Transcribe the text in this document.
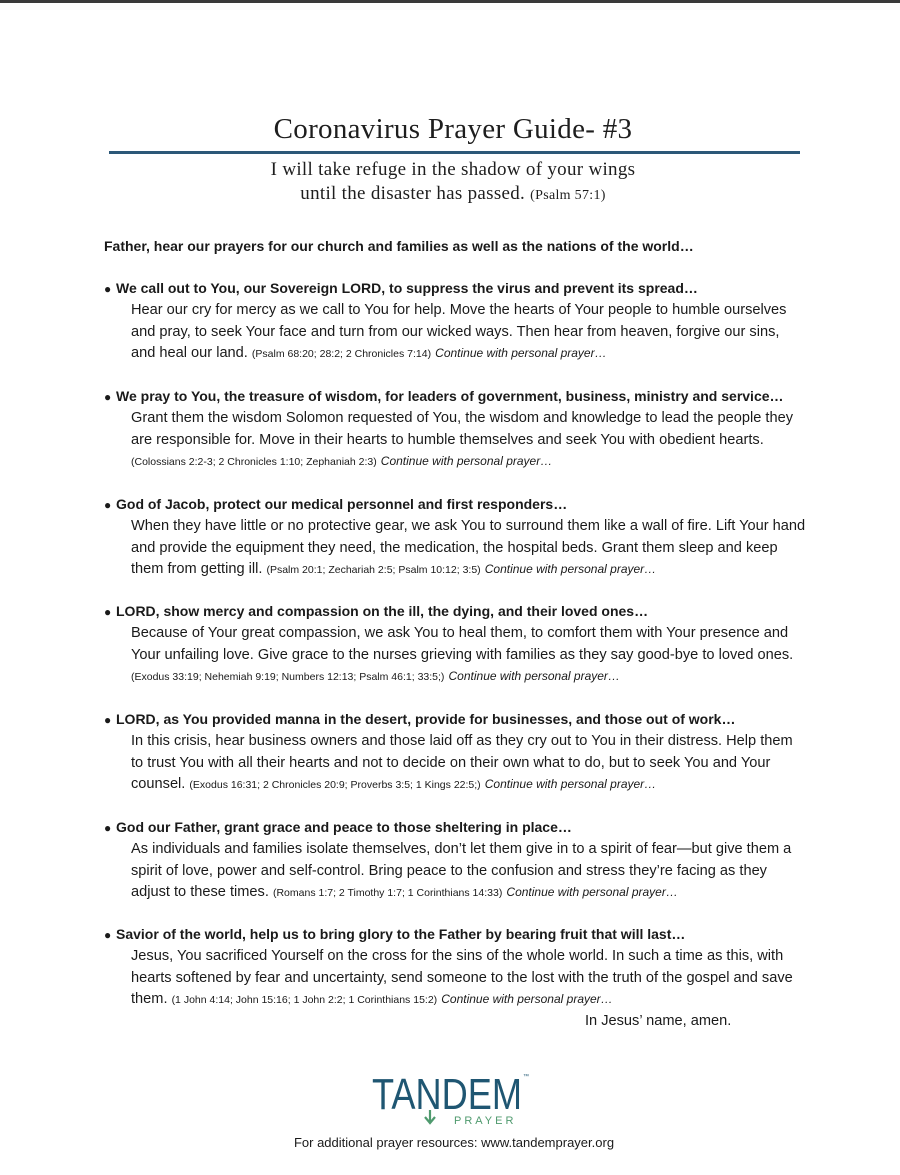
Coronavirus Prayer Guide- #3
I will take refuge in the shadow of your wings
until the disaster has passed. (Psalm 57:1)
Father, hear our prayers for our church and families as well as the nations of the world…
● We call out to You, our Sovereign LORD, to suppress the virus and prevent its spread…
Hear our cry for mercy as we call to You for help. Move the hearts of Your people to humble ourselves and pray, to seek Your face and turn from our wicked ways. Then hear from heaven, forgive our sins, and heal our land. (Psalm 68:20; 28:2; 2 Chronicles 7:14) Continue with personal prayer…
● We pray to You, the treasure of wisdom, for leaders of government, business, ministry and service…
Grant them the wisdom Solomon requested of You, the wisdom and knowledge to lead the people they are responsible for. Move in their hearts to humble themselves and seek You with obedient hearts. (Colossians 2:2-3; 2 Chronicles 1:10; Zephaniah 2:3) Continue with personal prayer…
● God of Jacob, protect our medical personnel and first responders…
When they have little or no protective gear, we ask You to surround them like a wall of fire. Lift Your hand and provide the equipment they need, the medication, the hospital beds. Grant them sleep and keep them from getting ill. (Psalm 20:1; Zechariah 2:5; Psalm 10:12; 3:5) Continue with personal prayer…
● LORD, show mercy and compassion on the ill, the dying, and their loved ones…
Because of Your great compassion, we ask You to heal them, to comfort them with Your presence and Your unfailing love. Give grace to the nurses grieving with families as they say good-bye to loved ones. (Exodus 33:19; Nehemiah 9:19; Numbers 12:13; Psalm 46:1; 33:5;) Continue with personal prayer…
● LORD, as You provided manna in the desert, provide for businesses, and those out of work…
In this crisis, hear business owners and those laid off as they cry out to You in their distress. Help them to trust You with all their hearts and not to decide on their own what to do, but to seek You and Your counsel. (Exodus 16:31; 2 Chronicles 20:9; Proverbs 3:5; 1 Kings 22:5;) Continue with personal prayer…
● God our Father, grant grace and peace to those sheltering in place…
As individuals and families isolate themselves, don’t let them give in to a spirit of fear—but give them a spirit of love, power and self-control. Bring peace to the confusion and stress they’re facing as they adjust to these times. (Romans 1:7; 2 Timothy 1:7; 1 Corinthians 14:33) Continue with personal prayer…
● Savior of the world, help us to bring glory to the Father by bearing fruit that will last…
Jesus, You sacrificed Yourself on the cross for the sins of the whole world. In such a time as this, with hearts softened by fear and uncertainty, send someone to the lost with the truth of the gospel and save them. (1 John 4:14; John 15:16; 1 John 2:2; 1 Corinthians 15:2) Continue with personal prayer…
In Jesus’ name, amen.
TANDEM ™
PRAYER
For additional prayer resources: www.tandemprayer.org
